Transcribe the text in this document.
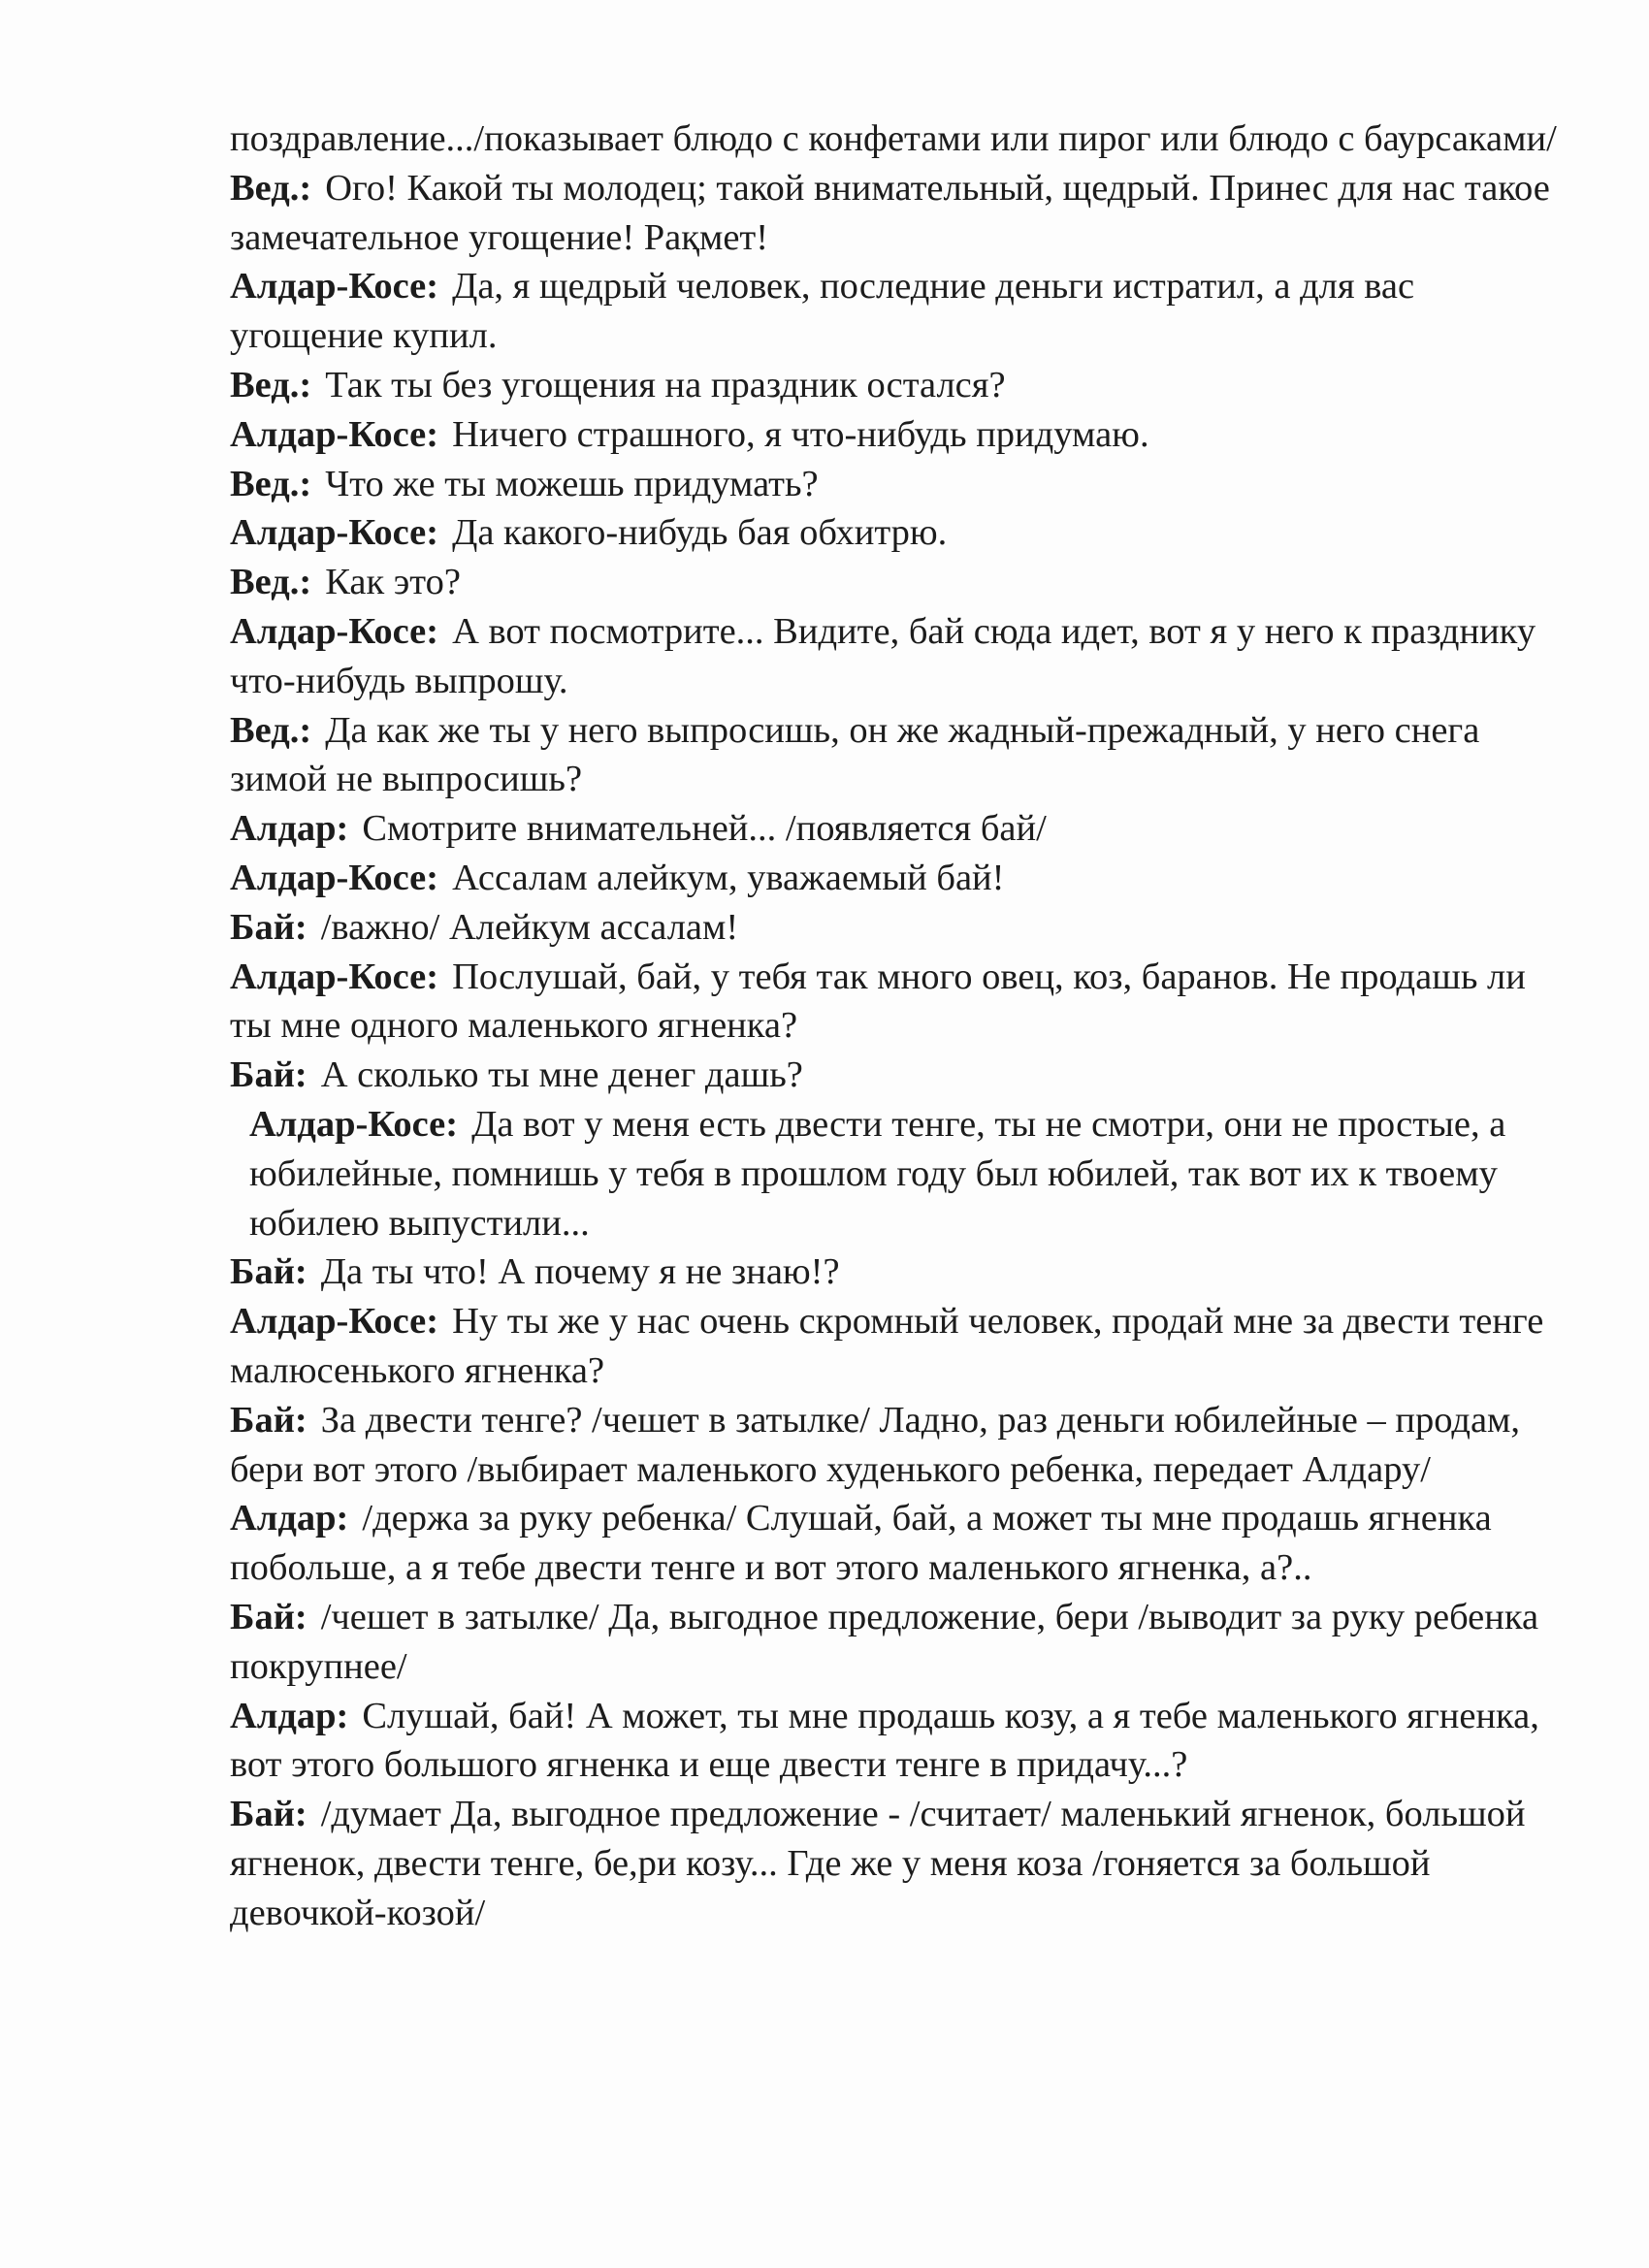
поздравление.../показывает блюдо с конфетами или пирог или блюдо с баурсаками/

Вед.: Ого! Какой ты молодец; такой внимательный, щедрый. Принес для нас такое замечательное угощение! Рақмет!

Алдар-Косе: Да, я щедрый человек, последние деньги истратил, а для вас угощение купил.

Вед.: Так ты без угощения на праздник остался?

Алдар-Косе: Ничего страшного, я что-нибудь придумаю.

Вед.: Что же ты можешь придумать?

Алдар-Косе: Да какого-нибудь бая обхитрю.

Вед.: Как это?

Алдар-Косе: А вот посмотрите... Видите, бай сюда идет, вот я у него к празднику что-нибудь выпрошу.

Вед.: Да как же ты у него выпросишь, он же жадный-прежадный, у него снега зимой не выпросишь?

Алдар: Смотрите внимательней... /появляется бай/

Алдар-Косе: Ассалам алейкум, уважаемый бай!

Бай: /важно/ Алейкум ассалам!

Алдар-Косе: Послушай, бай, у тебя так много овец, коз, баранов. Не продашь ли ты мне одного маленького ягненка?

Бай: А сколько ты мне денег дашь?

Алдар-Косе: Да вот у меня есть двести тенге, ты не смотри, они не простые, а юбилейные, помнишь у тебя в прошлом году был юбилей, так вот их к твоему юбилею выпустили...

Бай: Да ты что! А почему я не знаю!?

Алдар-Косе: Ну ты же у нас очень скромный человек, продай мне за двести тенге малюсенького ягненка?

Бай: За двести тенге? /чешет в затылке/ Ладно, раз деньги юбилейные – продам, бери вот этого /выбирает маленького худенького ребенка, передает Алдару/

Алдар: /держа за руку ребенка/ Слушай, бай, а может ты мне продашь ягненка побольше, а я тебе двести тенге и вот этого маленького ягненка, а?..

Бай: /чешет в затылке/ Да, выгодное предложение, бери /выводит за руку ребенка покрупнее/

Алдар: Слушай, бай! А может, ты мне продашь козу, а я тебе маленького ягненка, вот этого большого ягненка и еще двести тенге в придачу...?

Бай: /думает Да, выгодное предложение - /считает/ маленький ягненок, большой ягненок, двести тенге, бе,ри козу... Где же у меня коза /гоняется за большой девочкой-козой/
